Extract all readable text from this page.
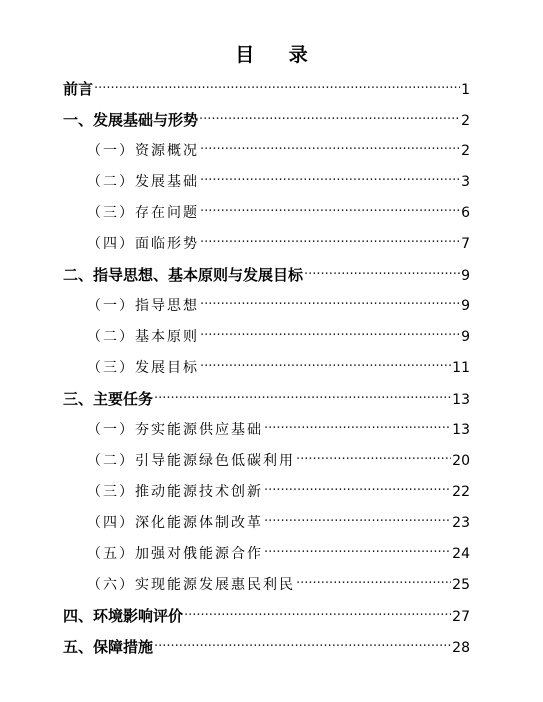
目 录
前言 ·····	1
一、发展基础与形势 ·····	2
（一）资源概况 ·····	2
（二）发展基础 ·····	3
（三）存在问题 ·····	6
（四）面临形势 ·····	7
二、指导思想、基本原则与发展目标 ·····	9
（一）指导思想 ·····	9
（二）基本原则 ·····	9
（三）发展目标 ·····	11
三、主要任务 ·····	13
（一）夯实能源供应基础 ·····	13
（二）引导能源绿色低碳利用 ·····	20
（三）推动能源技术创新 ·····	22
（四）深化能源体制改革 ·····	23
（五）加强对俄能源合作 ·····	24
（六）实现能源发展惠民利民 ·····	25
四、环境影响评价 ·····	27
五、保障措施 ·····	28
